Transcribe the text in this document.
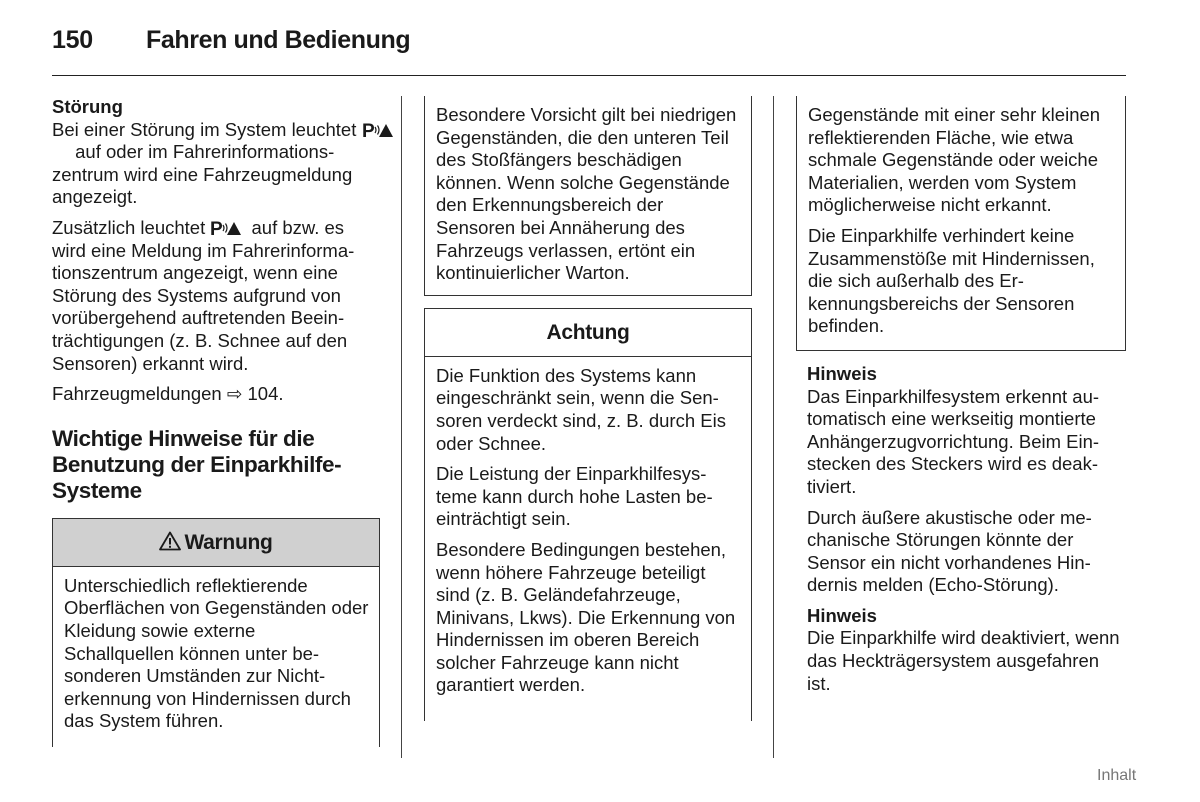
150 Fahren und Bedienung
Störung

Bei einer Störung im System leuchtet P
auf oder im Fahrerinformationszentrum wird eine Fahrzeugmeldung angezeigt.

Zusätzlich leuchtet P auf bzw. es wird eine Meldung im Fahrerinformationszentrum angezeigt, wenn eine Störung des Systems aufgrund von vorübergehend auftretenden Beeinträchtigungen (z. B. Schnee auf den Sensoren) erkannt wird.

Fahrzeugmeldungen ⇨ 104.

Wichtige Hinweise für die Benutzung der Einparkhilfe-Systeme
Warnung
Unterschiedlich reflektierende Oberflächen von Gegenständen oder Kleidung sowie externe Schallquellen können unter besonderen Umständen zur Nichterkennung von Hindernissen durch das System führen.
Besondere Vorsicht gilt bei niedrigen Gegenständen, die den unteren Teil des Stoßfängers beschädigen können. Wenn solche Gegenstände den Erkennungsbereich der Sensoren bei Annäherung des Fahrzeugs verlassen, ertönt ein kontinuierlicher Warton.
Achtung

Die Funktion des Systems kann eingeschränkt sein, wenn die Sensoren verdeckt sind, z. B. durch Eis oder Schnee.

Die Leistung der Einparkhilfesysteme kann durch hohe Lasten beeinträchtigt sein.

Besondere Bedingungen bestehen, wenn höhere Fahrzeuge beteiligt sind (z. B. Geländefahrzeuge, Minivans, Lkws). Die Erkennung von Hindernissen im oberen Bereich solcher Fahrzeuge kann nicht garantiert werden.

Gegenstände mit einer sehr kleinen reflektierenden Fläche, wie etwa schmale Gegenstände oder weiche Materialien, werden vom System möglicherweise nicht erkannt.

Die Einparkhilfe verhindert keine Zusammenstöße mit Hindernissen, die sich außerhalb des Erkennungsbereichs der Sensoren befinden.

Hinweis

Das Einparkhilfesystem erkennt automatisch eine werkseitig montierte Anhängerzugvorrichtung. Beim Einstecken des Steckers wird es deaktiviert.

Durch äußere akustische oder mechanische Störungen könnte der Sensor ein nicht vorhandenes Hindernis melden (Echo-Störung).

Hinweis

Die Einparkhilfe wird deaktiviert, wenn das Heckträgersystem ausgefahren ist.

Inhalt
